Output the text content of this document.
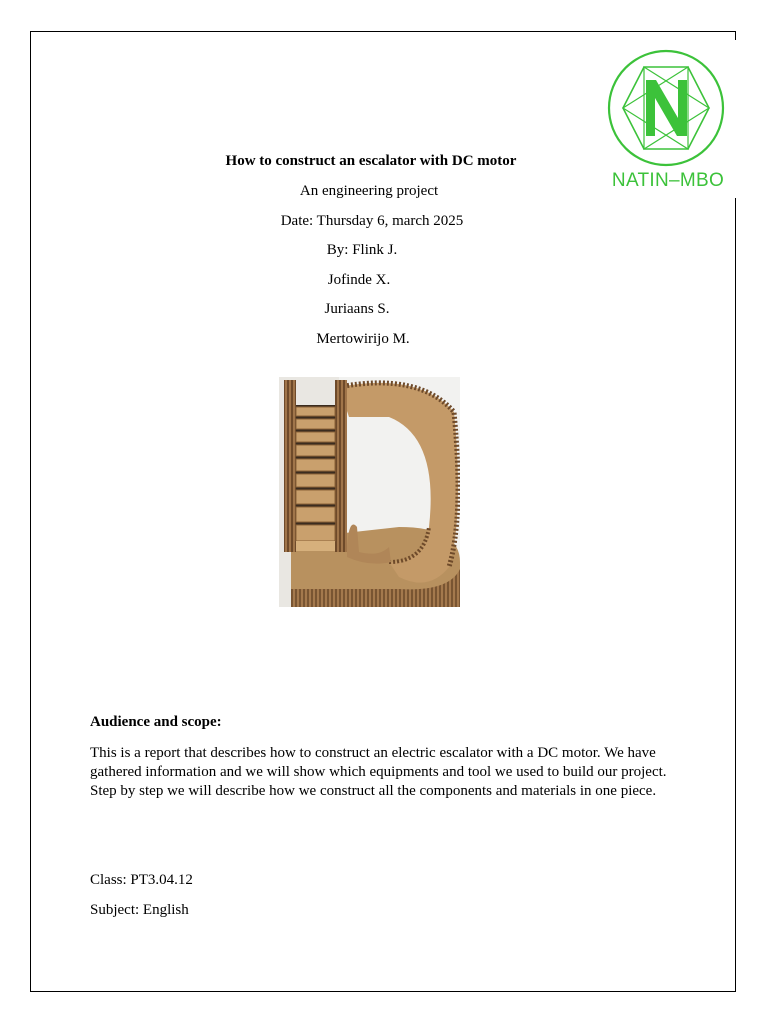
NATIN–MBO
How to construct an escalator with DC motor
An engineering project
Date: Thursday 6, march 2025
By: Flink J.
Jofinde X.
Juriaans S.
Mertowirijo M.
Audience and scope:
This is a report that describes how to construct an electric escalator with a DC motor. We have gathered information and we will show which equipments and tool we used to build our project. Step by step we will describe how we construct all the components and materials in one piece.
Class: PT3.04.12
Subject: English
